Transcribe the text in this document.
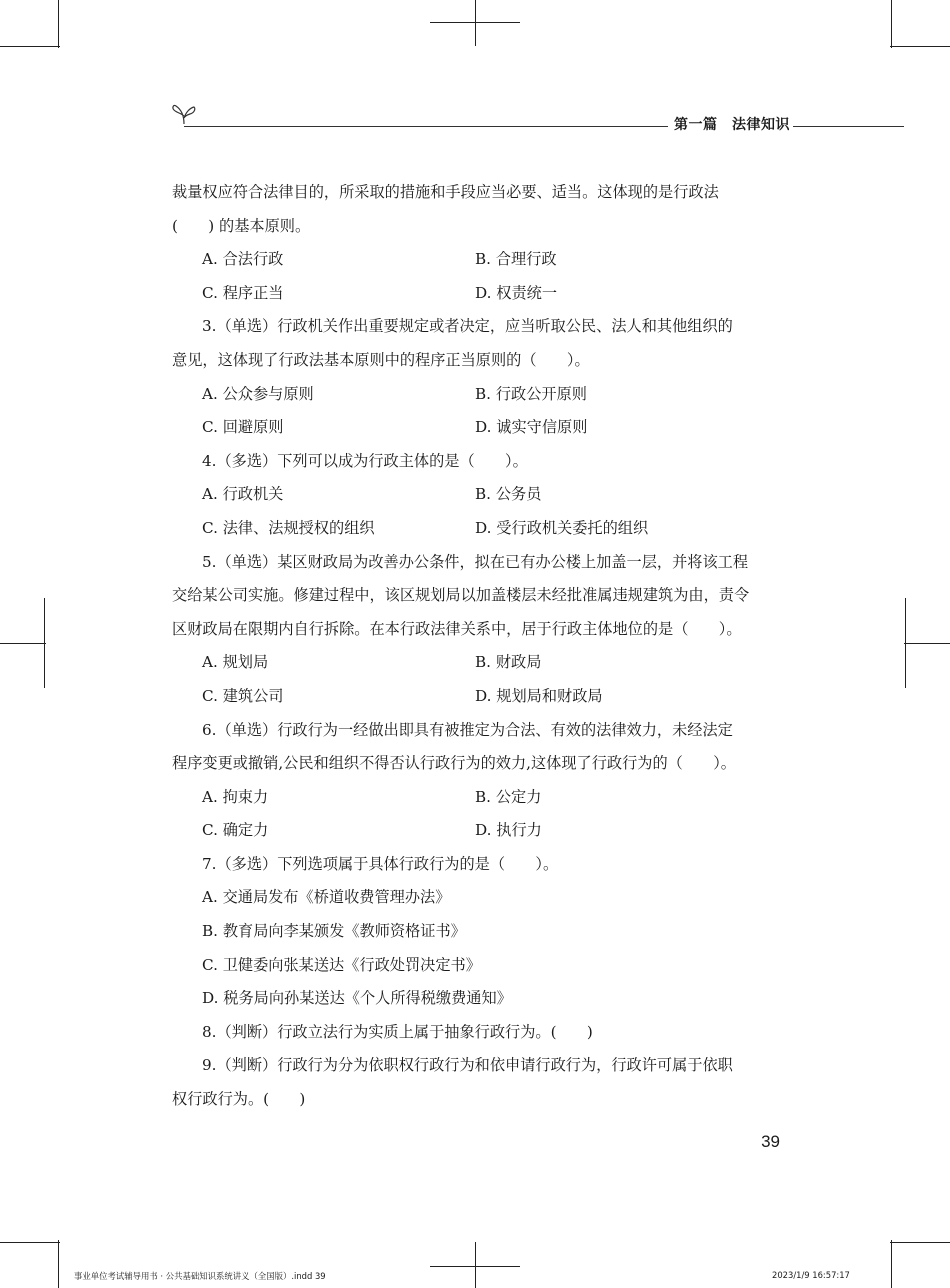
第一篇　法律知识
裁量权应符合法律目的，所采取的措施和手段应当必要、适当。这体现的是行政法
(　　) 的基本原则。
A. 合法行政	B. 合理行政
C. 程序正当	D. 权责统一
3.（单选）行政机关作出重要规定或者决定，应当听取公民、法人和其他组织的
意见，这体现了行政法基本原则中的程序正当原则的（　　）。
A. 公众参与原则	B. 行政公开原则
C. 回避原则	D. 诚实守信原则
4.（多选）下列可以成为行政主体的是（　　）。
A. 行政机关	B. 公务员
C. 法律、法规授权的组织	D. 受行政机关委托的组织
5.（单选）某区财政局为改善办公条件，拟在已有办公楼上加盖一层，并将该工程
交给某公司实施。修建过程中，该区规划局以加盖楼层未经批准属违规建筑为由，责令
区财政局在限期内自行拆除。在本行政法律关系中，居于行政主体地位的是（　　）。
A. 规划局	B. 财政局
C. 建筑公司	D. 规划局和财政局
6.（单选）行政行为一经做出即具有被推定为合法、有效的法律效力，未经法定
程序变更或撤销,公民和组织不得否认行政行为的效力,这体现了行政行为的（　　）。
A. 拘束力	B. 公定力
C. 确定力	D. 执行力
7.（多选）下列选项属于具体行政行为的是（　　）。
A. 交通局发布《桥道收费管理办法》
B. 教育局向李某颁发《教师资格证书》
C. 卫健委向张某送达《行政处罚决定书》
D. 税务局向孙某送达《个人所得税缴费通知》
8.（判断）行政立法行为实质上属于抽象行政行为。(　　)
9.（判断）行政行为分为依职权行政行为和依申请行政行为，行政许可属于依职
权行政行为。(　　)
39
事业单位考试辅导用书 · 公共基础知识系统讲义（全国版）.indd 39	2023/1/9 16:57:17
